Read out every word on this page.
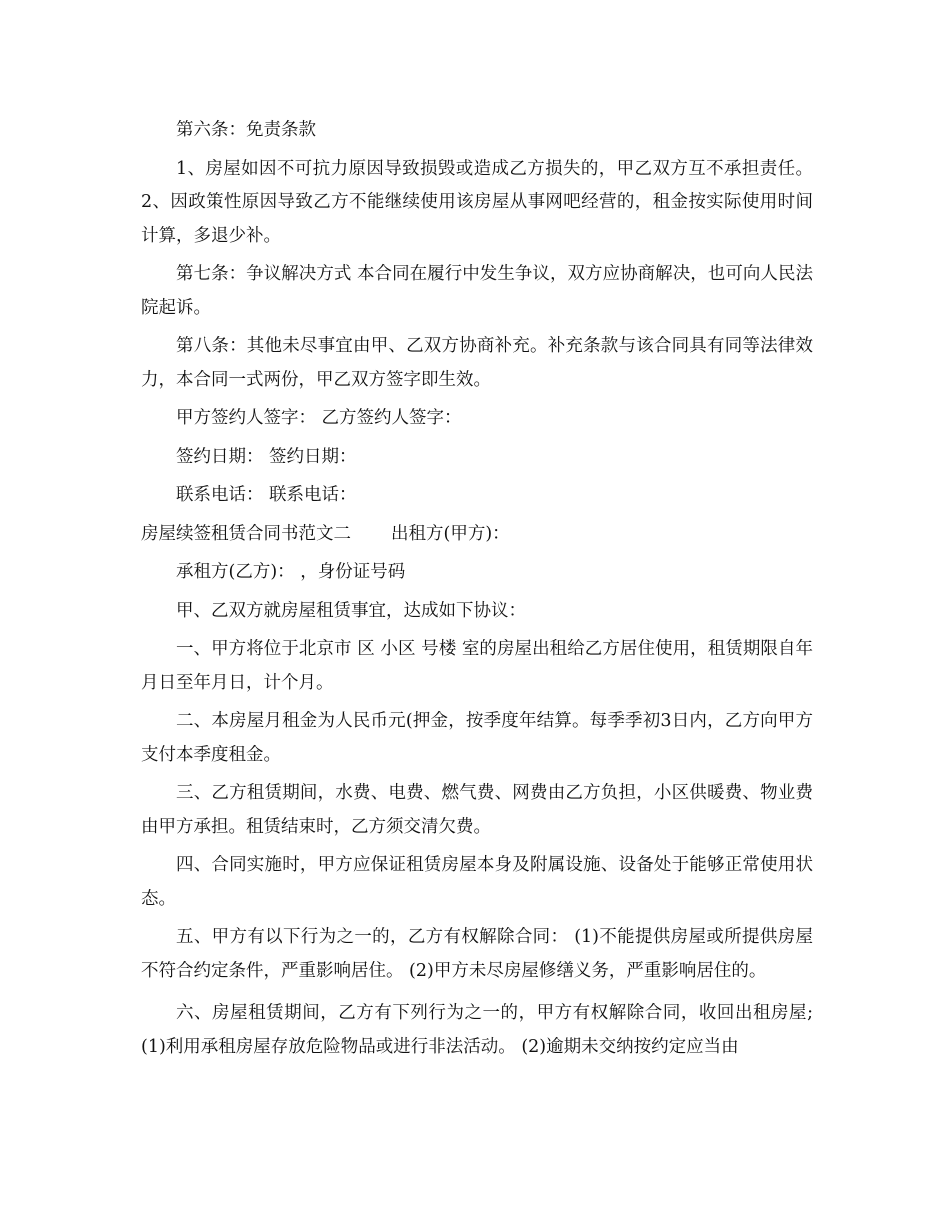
第六条：免责条款

1、房屋如因不可抗力原因导致损毁或造成乙方损失的，甲乙双方互不承担责任。 2、因政策性原因导致乙方不能继续使用该房屋从事网吧经营的，租金按实际使用时间计算，多退少补。

第七条：争议解决方式 本合同在履行中发生争议，双方应协商解决，也可向人民法院起诉。

第八条：其他未尽事宜由甲、乙双方协商补充。补充条款与该合同具有同等法律效力，本合同一式两份，甲乙双方签字即生效。

甲方签约人签字： 乙方签约人签字：

签约日期： 签约日期：

联系电话： 联系电话：

房屋续签租赁合同书范文二 出租方(甲方)：

承租方(乙方)： ，身份证号码

甲、乙双方就房屋租赁事宜，达成如下协议：

一、甲方将位于北京市 区 小区 号楼 室的房屋出租给乙方居住使用，租赁期限自年月日至年月日，计个月。

二、本房屋月租金为人民币元(押金，按季度年结算。每季季初3日内，乙方向甲方支付本季度租金。

三、乙方租赁期间，水费、电费、燃气费、网费由乙方负担，小区供暖费、物业费由甲方承担。租赁结束时，乙方须交清欠费。

四、合同实施时，甲方应保证租赁房屋本身及附属设施、设备处于能够正常使用状态。

五、甲方有以下行为之一的，乙方有权解除合同： (1)不能提供房屋或所提供房屋不符合约定条件，严重影响居住。 (2)甲方未尽房屋修缮义务，严重影响居住的。

六、房屋租赁期间，乙方有下列行为之一的，甲方有权解除合同，收回出租房屋;(1)利用承租房屋存放危险物品或进行非法活动。 (2)逾期未交纳按约定应当由
